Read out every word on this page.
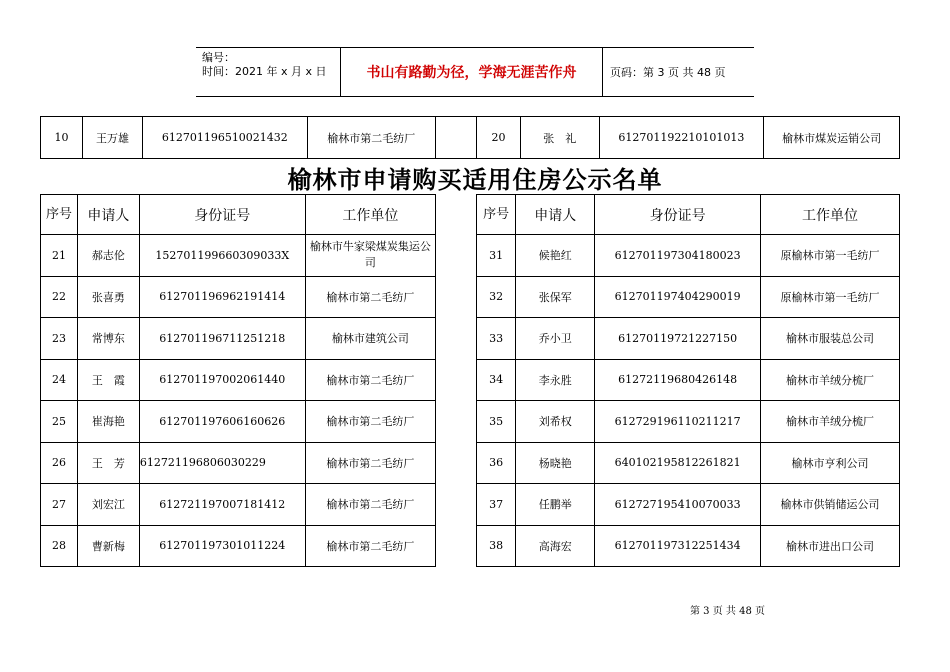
编号：
时间：2021 年 x 月 x 日	书山有路勤为径，学海无涯苦作舟	页码：第 3 页 共 48 页
10	王万雄	612701196510021432	榆林市第二毛纺厂	20	张　礼	612701192210101013	榆林市煤炭运销公司
榆林市申请购买适用住房公示名单
序号	申请人	身份证号	工作单位
21	郝志伦	152701199660309033X	榆林市牛家梁煤炭集运公司
22	张喜勇	612701196962191414	榆林市第二毛纺厂
23	常博东	612701196711251218	榆林市建筑公司
24	王　霞	612701197002061440	榆林市第二毛纺厂
25	崔海艳	612701197606160626	榆林市第二毛纺厂
26	王　芳	612721196806030229	榆林市第二毛纺厂
27	刘宏江	612721197007181412	榆林市第二毛纺厂
28	曹新梅	612701197301011224	榆林市第二毛纺厂
序号	申请人	身份证号	工作单位
31	候艳红	612701197304180023	原榆林市第一毛纺厂
32	张保军	612701197404290019	原榆林市第一毛纺厂
33	乔小卫	61270119721227150	榆林市服装总公司
34	李永胜	61272119680426148	榆林市羊绒分梳厂
35	刘希权	612729196110211217	榆林市羊绒分梳厂
36	杨晓艳	640102195812261821	榆林市亨利公司
37	任鹏举	612727195410070033	榆林市供销储运公司
38	高海宏	612701197312251434	榆林市进出口公司
第 3 页 共 48 页
